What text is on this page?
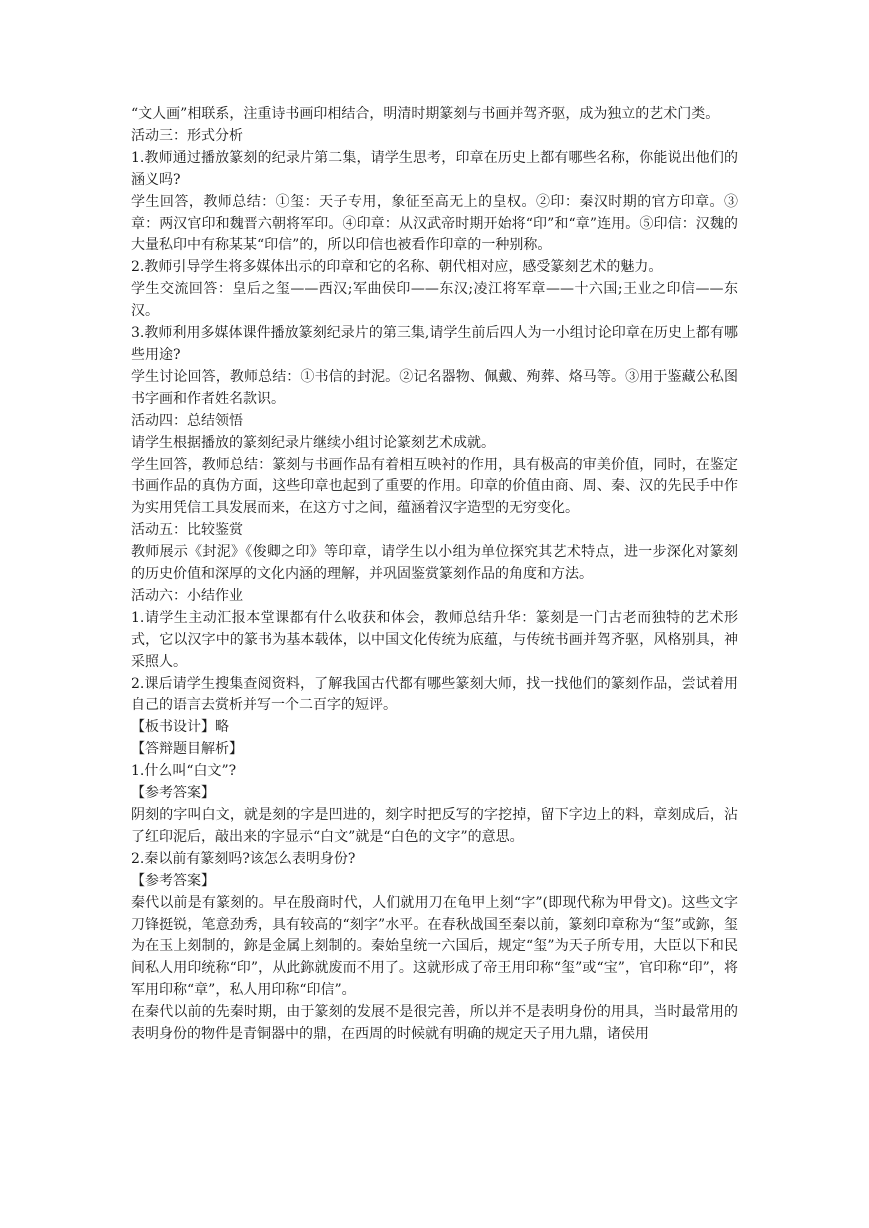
“文人画”相联系，注重诗书画印相结合，明清时期篆刻与书画并驾齐驱，成为独立的艺术门类。

活动三：形式分析

1.教师通过播放篆刻的纪录片第二集，请学生思考，印章在历史上都有哪些名称，你能说出他们的涵义吗?

学生回答，教师总结：①玺：天子专用，象征至高无上的皇权。②印：秦汉时期的官方印章。③章：两汉官印和魏晋六朝将军印。④印章：从汉武帝时期开始将“印”和“章”连用。⑤印信：汉魏的大量私印中有称某某“印信”的，所以印信也被看作印章的一种别称。

2.教师引导学生将多媒体出示的印章和它的名称、朝代相对应，感受篆刻艺术的魅力。

学生交流回答：皇后之玺——西汉;军曲侯印——东汉;凌江将军章——十六国;王业之印信——东汉。

3.教师利用多媒体课件播放篆刻纪录片的第三集,请学生前后四人为一小组讨论印章在历史上都有哪些用途?

学生讨论回答，教师总结：①书信的封泥。②记名器物、佩戴、殉葬、烙马等。③用于鉴藏公私图书字画和作者姓名款识。

活动四：总结领悟

请学生根据播放的篆刻纪录片继续小组讨论篆刻艺术成就。

学生回答，教师总结：篆刻与书画作品有着相互映衬的作用，具有极高的审美价值，同时，在鉴定书画作品的真伪方面，这些印章也起到了重要的作用。印章的价值由商、周、秦、汉的先民手中作为实用凭信工具发展而来，在这方寸之间，蕴涵着汉字造型的无穷变化。

活动五：比较鉴赏

教师展示《封泥》《俊卿之印》等印章，请学生以小组为单位探究其艺术特点，进一步深化对篆刻的历史价值和深厚的文化内涵的理解，并巩固鉴赏篆刻作品的角度和方法。

活动六：小结作业

1.请学生主动汇报本堂课都有什么收获和体会，教师总结升华：篆刻是一门古老而独特的艺术形式，它以汉字中的篆书为基本载体，以中国文化传统为底蕴，与传统书画并驾齐驱，风格别具，神采照人。

2.课后请学生搜集查阅资料，了解我国古代都有哪些篆刻大师，找一找他们的篆刻作品，尝试着用自己的语言去赏析并写一个二百字的短评。

【板书设计】略

【答辩题目解析】

1.什么叫“白文”?

【参考答案】

阴刻的字叫白文，就是刻的字是凹进的，刻字时把反写的字挖掉，留下字边上的料，章刻成后，沾了红印泥后，敲出来的字显示“白文”就是“白色的文字”的意思。

2.秦以前有篆刻吗?该怎么表明身份?

【参考答案】

秦代以前是有篆刻的。早在殷商时代，人们就用刀在龟甲上刻“字”(即现代称为甲骨文)。这些文字刀锋挺锐，笔意劲秀，具有较高的“刻字”水平。在春秋战国至秦以前，篆刻印章称为“玺”或鉨，玺为在玉上刻制的，鉨是金属上刻制的。秦始皇统一六国后，规定“玺”为天子所专用，大臣以下和民间私人用印统称“印”，从此鉨就废而不用了。这就形成了帝王用印称“玺”或“宝”，官印称“印”，将军用印称“章”，私人用印称“印信”。

在秦代以前的先秦时期，由于篆刻的发展不是很完善，所以并不是表明身份的用具，当时最常用的表明身份的物件是青铜器中的鼎，在西周的时候就有明确的规定天子用九鼎，诸侯用
